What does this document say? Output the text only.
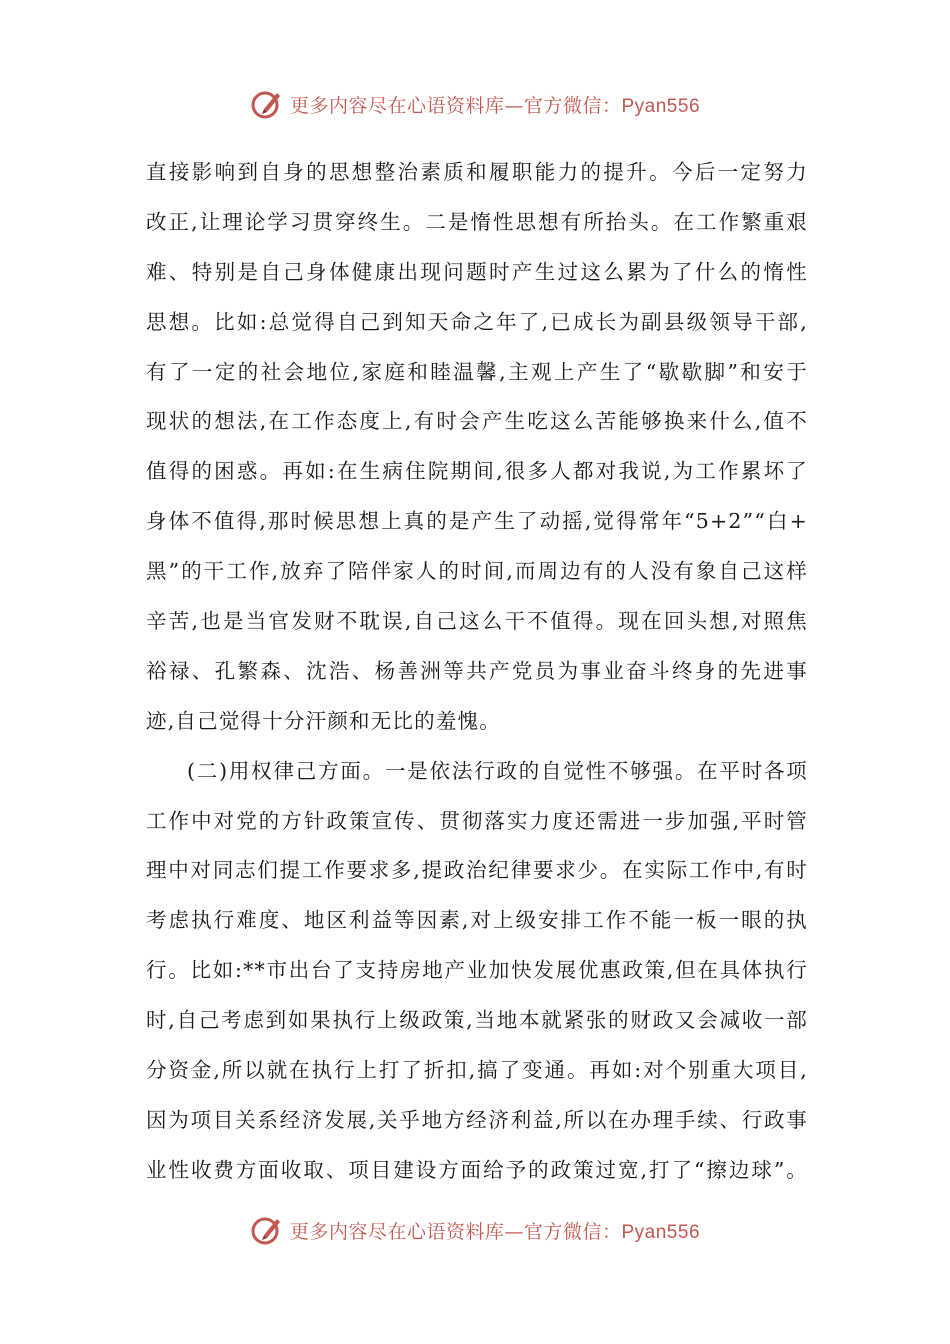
更多内容尽在心语资料库—官方微信：Pyan556
直接影响到自身的思想整治素质和履职能力的提升。今后一定努力
改正,让理论学习贯穿终生。二是惰性思想有所抬头。在工作繁重艰
难、特别是自己身体健康出现问题时产生过这么累为了什么的惰性
思想。比如:总觉得自己到知天命之年了,已成长为副县级领导干部,
有了一定的社会地位,家庭和睦温馨,主观上产生了“歇歇脚”和安于
现状的想法,在工作态度上,有时会产生吃这么苦能够换来什么,值不
值得的困惑。再如:在生病住院期间,很多人都对我说,为工作累坏了
身体不值得,那时候思想上真的是产生了动摇,觉得常年“5+2”“白+
黑”的干工作,放弃了陪伴家人的时间,而周边有的人没有象自己这样
辛苦,也是当官发财不耽误,自己这么干不值得。现在回头想,对照焦
裕禄、孔繁森、沈浩、杨善洲等共产党员为事业奋斗终身的先进事
迹,自己觉得十分汗颜和无比的羞愧。
(二)用权律己方面。一是依法行政的自觉性不够强。在平时各项
工作中对党的方针政策宣传、贯彻落实力度还需进一步加强,平时管
理中对同志们提工作要求多,提政治纪律要求少。在实际工作中,有时
考虑执行难度、地区利益等因素,对上级安排工作不能一板一眼的执
行。比如:**市出台了支持房地产业加快发展优惠政策,但在具体执行
时,自己考虑到如果执行上级政策,当地本就紧张的财政又会减收一部
分资金,所以就在执行上打了折扣,搞了变通。再如:对个别重大项目,
因为项目关系经济发展,关乎地方经济利益,所以在办理手续、行政事
业性收费方面收取、项目建设方面给予的政策过宽,打了“擦边球”。
更多内容尽在心语资料库—官方微信：Pyan556
